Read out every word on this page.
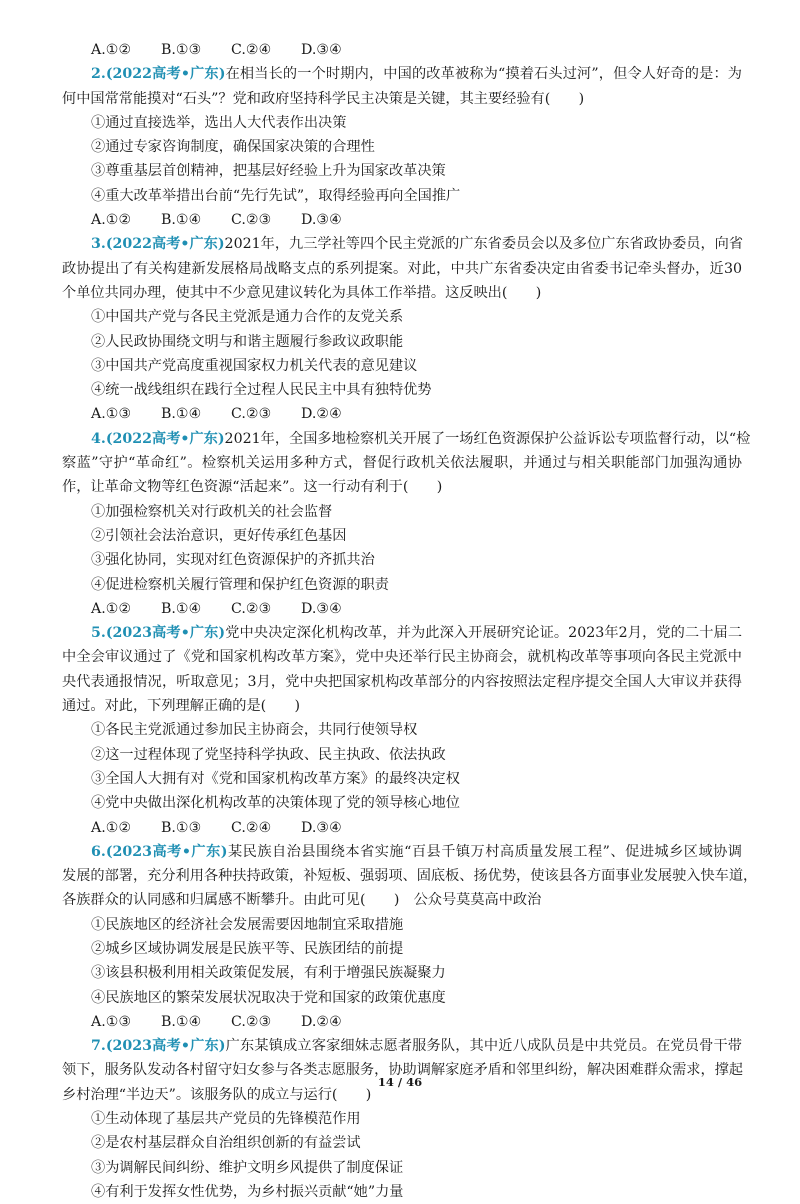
A.①②	B.①③	C.②④	D.③④
2.(2022高考•广东)在相当长的一个时期内，中国的改革被称为“摸着石头过河”，但令人好奇的是：为
何中国常常能摸对“石头”？党和政府坚持科学民主决策是关键，其主要经验有(　　)
①通过直接选举，选出人大代表作出决策
②通过专家咨询制度，确保国家决策的合理性
③尊重基层首创精神，把基层好经验上升为国家改革决策
④重大改革举措出台前“先行先试”，取得经验再向全国推广
A.①②	B.①④	C.②③	D.③④
3.(2022高考•广东)2021年，九三学社等四个民主党派的广东省委员会以及多位广东省政协委员，向省
政协提出了有关构建新发展格局战略支点的系列提案。对此，中共广东省委决定由省委书记牵头督办，近30
个单位共同办理，使其中不少意见建议转化为具体工作举措。这反映出(　　)
①中国共产党与各民主党派是通力合作的友党关系
②人民政协围绕文明与和谐主题履行参政议政职能
③中国共产党高度重视国家权力机关代表的意见建议
④统一战线组织在践行全过程人民民主中具有独特优势
A.①③	B.①④	C.②③	D.②④
4.(2022高考•广东)2021年，全国多地检察机关开展了一场红色资源保护公益诉讼专项监督行动，以“检
察蓝”守护“革命红”。检察机关运用多种方式，督促行政机关依法履职，并通过与相关职能部门加强沟通协
作，让革命文物等红色资源“活起来”。这一行动有利于(　　)
①加强检察机关对行政机关的社会监督
②引领社会法治意识，更好传承红色基因
③强化协同，实现对红色资源保护的齐抓共治
④促进检察机关履行管理和保护红色资源的职责
A.①②	B.①④	C.②③	D.③④
5.(2023高考•广东)党中央决定深化机构改革，并为此深入开展研究论证。2023年2月，党的二十届二
中全会审议通过了《党和国家机构改革方案》，党中央还举行民主协商会，就机构改革等事项向各民主党派中
央代表通报情况，听取意见；3月，党中央把国家机构改革部分的内容按照法定程序提交全国人大审议并获得
通过。对此，下列理解正确的是(　　)
①各民主党派通过参加民主协商会，共同行使领导权
②这一过程体现了党坚持科学执政、民主执政、依法执政
③全国人大拥有对《党和国家机构改革方案》的最终决定权
④党中央做出深化机构改革的决策体现了党的领导核心地位
A.①②	B.①③	C.②④	D.③④
6.(2023高考•广东)某民族自治县围绕本省实施“百县千镇万村高质量发展工程”、促进城乡区域协调
发展的部署，充分利用各种扶持政策，补短板、强弱项、固底板、扬优势，使该县各方面事业发展驶入快车道，
各族群众的认同感和归属感不断攀升。由此可见(　　)　公众号莫莫高中政治
①民族地区的经济社会发展需要因地制宜采取措施
②城乡区域协调发展是民族平等、民族团结的前提
③该县积极利用相关政策促发展，有利于增强民族凝聚力
④民族地区的繁荣发展状况取决于党和国家的政策优惠度
A.①③	B.①④	C.②③	D.②④
7.(2023高考•广东)广东某镇成立客家细妹志愿者服务队，其中近八成队员是中共党员。在党员骨干带
领下，服务队发动各村留守妇女参与各类志愿服务，协助调解家庭矛盾和邻里纠纷，解决困难群众需求，撑起
乡村治理“半边天”。该服务队的成立与运行(　　)
①生动体现了基层共产党员的先锋模范作用
②是农村基层群众自治组织创新的有益尝试
③为调解民间纠纷、维护文明乡风提供了制度保证
④有利于发挥女性优势，为乡村振兴贡献“她”力量
14 / 46
